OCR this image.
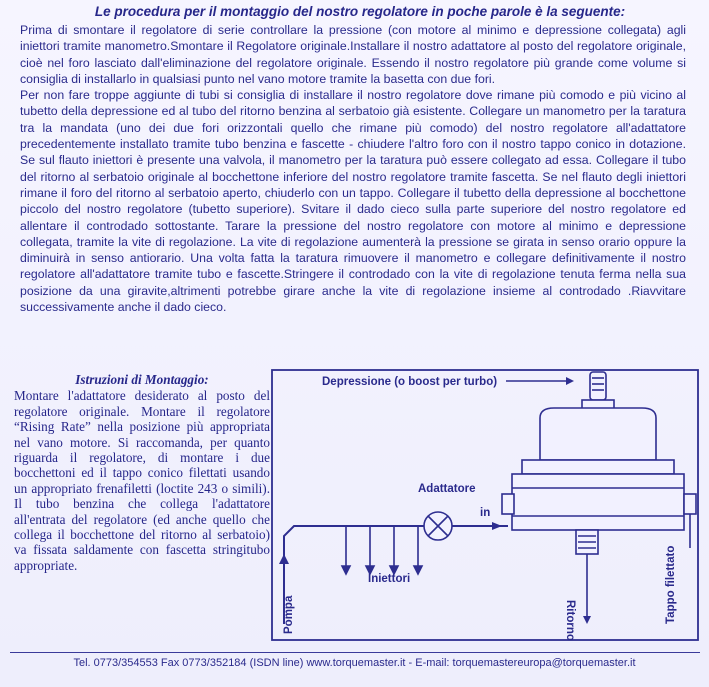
Le procedura per il montaggio del nostro regolatore in poche parole è la seguente:

Prima di smontare il regolatore di serie controllare la pressione (con motore al minimo e depressione collegata) agli iniettori tramite manometro.Smontare il Regolatore originale.Installare il nostro adattatore al posto del regolatore originale, cioè nel foro lasciato dall'eliminazione del regolatore originale. Essendo il nostro regolatore più grande come volume si consiglia di installarlo in qualsiasi punto nel vano motore tramite la basetta con due fori.

Per non fare troppe aggiunte di tubi si consiglia di installare il nostro regolatore dove rimane più comodo e più vicino al tubetto della depressione ed al tubo del ritorno benzina al serbatoio già esistente. Collegare un manometro per la taratura tra la mandata (uno dei due fori orizzontali quello che rimane più comodo) del nostro regolatore all'adattatore precedentemente installato tramite tubo benzina e fascette - chiudere l'altro foro con il nostro tappo conico in dotazione. Se sul flauto iniettori è presente una valvola, il manometro per la taratura può essere collegato ad essa. Collegare il tubo del ritorno al serbatoio originale al bocchettone inferiore del nostro regolatore tramite fascetta. Se nel flauto degli iniettori rimane il foro del ritorno al serbatoio aperto, chiuderlo con un tappo. Collegare il tubetto della depressione al bocchettone piccolo del nostro regolatore (tubetto superiore). Svitare il dado cieco sulla parte superiore del nostro regolatore ed allentare il controdado sottostante. Tarare la pressione del nostro regolatore con motore al minimo e depressione collegata, tramite la vite di regolazione. La vite di regolazione aumenterà la pressione se girata in senso orario oppure la diminuirà in senso antiorario. Una volta fatta la taratura rimuovere il manometro e collegare definitivamente il nostro regolatore all'adattatore tramite tubo e fascette.Stringere il controdado con la vite di regolazione tenuta ferma nella sua posizione da una giravite,altrimenti potrebbe girare anche la vite di regolazione insieme al controdado .Riavvitare successivamente anche il dado cieco.

Istruzioni di Montaggio:

Montare l'adattatore desiderato al posto del regolatore originale. Montare il regolatore “Rising Rate” nella posizione più appropriata nel vano motore. Si raccomanda, per quanto riguarda il regolatore, di montare i due bocchettoni ed il tappo conico filettati usando un appropriato frenafiletti (loctite 243 o simili). Il tubo benzina che collega l'adattatore all'entrata del regolatore (ed anche quello che collega il bocchettone del ritorno al serbatoio) va fissata saldamente con fascetta stringitubo appropriate.

Depressione (o boost per turbo)
Adattatore
in
Iniettori
Pompa	Ritorno	Tappo filettato
Tel. 0773/354553 Fax 0773/352184 (ISDN line) www.torquemaster.it - E-mail: torquemastereuropa@torquemaster.it
